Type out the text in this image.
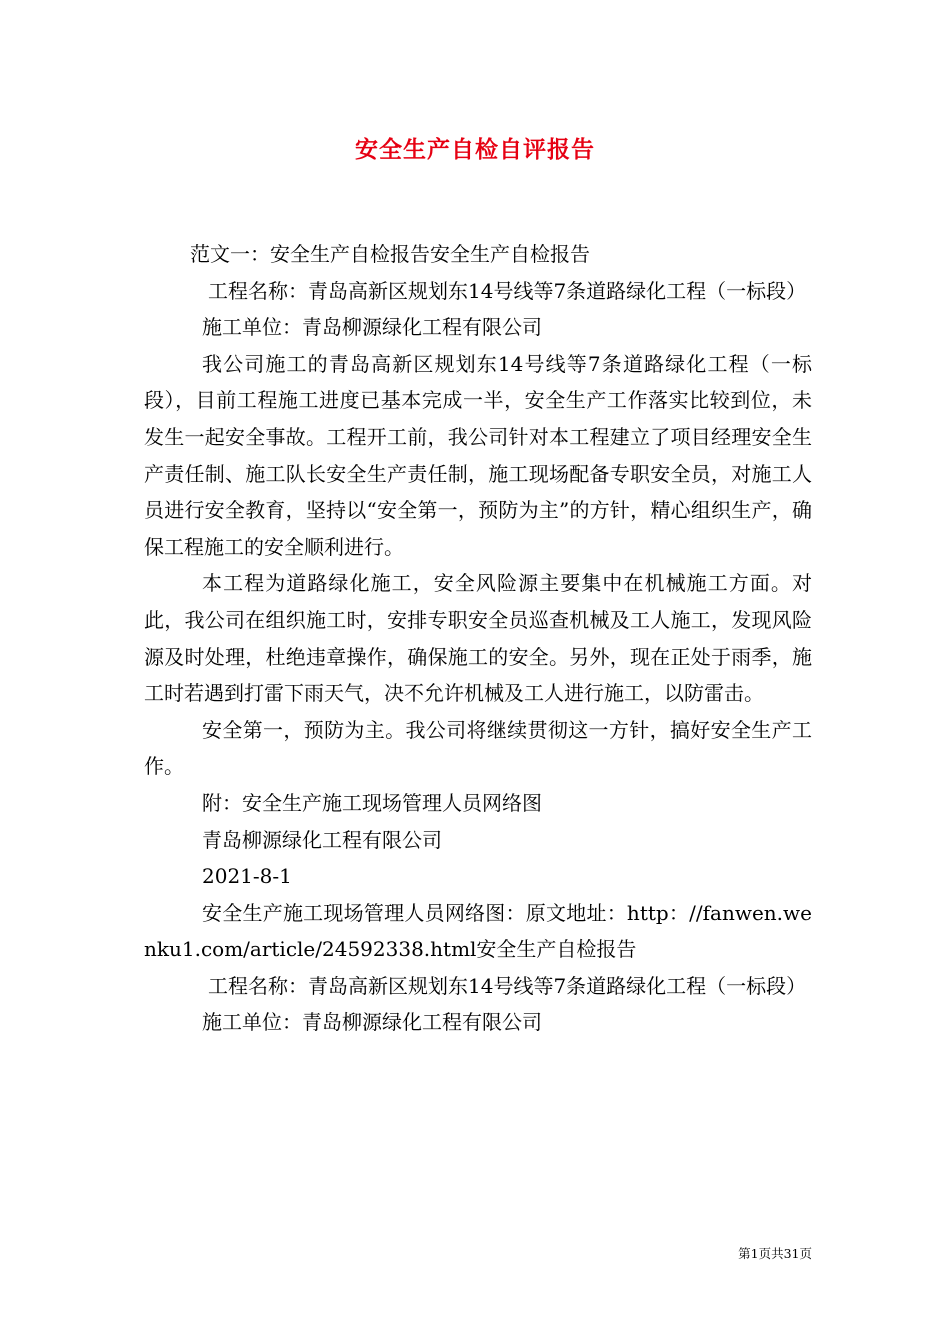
安全生产自检自评报告

范文一：安全生产自检报告安全生产自检报告

工程名称：青岛高新区规划东14号线等7条道路绿化工程（一标段）

施工单位：青岛柳源绿化工程有限公司

我公司施工的青岛高新区规划东14号线等7条道路绿化工程（一标段），目前工程施工进度已基本完成一半，安全生产工作落实比较到位，未发生一起安全事故。工程开工前，我公司针对本工程建立了项目经理安全生产责任制、施工队长安全生产责任制，施工现场配备专职安全员，对施工人员进行安全教育，坚持以“安全第一，预防为主”的方针，精心组织生产，确保工程施工的安全顺利进行。

本工程为道路绿化施工，安全风险源主要集中在机械施工方面。对此，我公司在组织施工时，安排专职安全员巡查机械及工人施工，发现风险源及时处理，杜绝违章操作，确保施工的安全。另外，现在正处于雨季，施工时若遇到打雷下雨天气，决不允许机械及工人进行施工，以防雷击。

安全第一，预防为主。我公司将继续贯彻这一方针，搞好安全生产工作。

附：安全生产施工现场管理人员网络图

青岛柳源绿化工程有限公司

2021-8-1

安全生产施工现场管理人员网络图：原文地址：http：//fanwen.wenku1.com/article/24592338.html安全生产自检报告

工程名称：青岛高新区规划东14号线等7条道路绿化工程（一标段）

施工单位：青岛柳源绿化工程有限公司

第1页共31页
